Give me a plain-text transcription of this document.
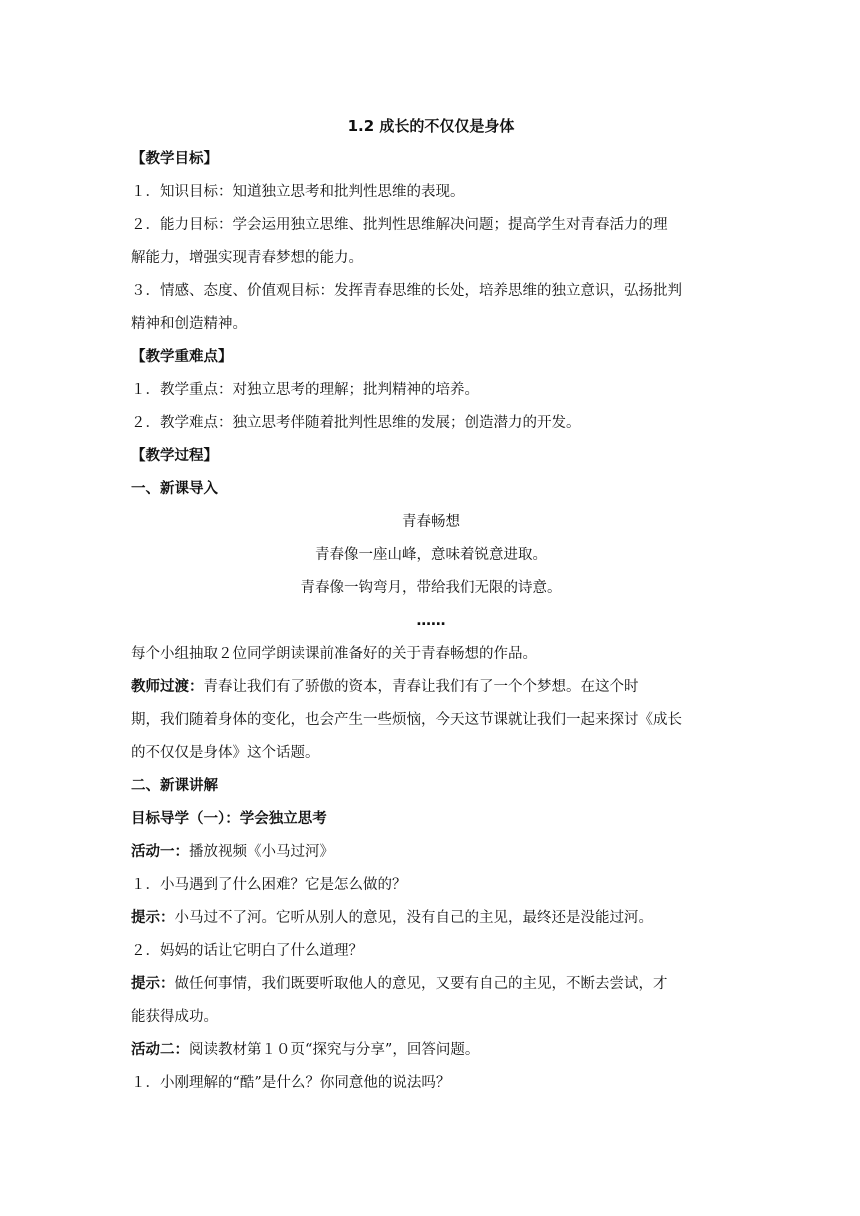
1.2 成长的不仅仅是身体
【教学目标】
１．知识目标：知道独立思考和批判性思维的表现。
２．能力目标：学会运用独立思维、批判性思维解决问题；提高学生对青春活力的理
解能力，增强实现青春梦想的能力。
３．情感、态度、价值观目标：发挥青春思维的长处，培养思维的独立意识，弘扬批判
精神和创造精神。
【教学重难点】
１．教学重点：对独立思考的理解；批判精神的培养。
２．教学难点：独立思考伴随着批判性思维的发展；创造潜力的开发。
【教学过程】
一、新课导入
青春畅想
青春像一座山峰，意味着锐意进取。
青春像一钩弯月，带给我们无限的诗意。
……
每个小组抽取２位同学朗读课前准备好的关于青春畅想的作品。
教师过渡：青春让我们有了骄傲的资本，青春让我们有了一个个梦想。在这个时
期，我们随着身体的变化，也会产生一些烦恼，今天这节课就让我们一起来探讨《成长
的不仅仅是身体》这个话题。
二、新课讲解
目标导学（一）：学会独立思考
活动一：播放视频《小马过河》
１．小马遇到了什么困难？它是怎么做的？
提示：小马过不了河。它听从别人的意见，没有自己的主见，最终还是没能过河。
２．妈妈的话让它明白了什么道理？
提示：做任何事情，我们既要听取他人的意见，又要有自己的主见，不断去尝试，才
能获得成功。
活动二：阅读教材第１０页“探究与分享”，回答问题。
１．小刚理解的“酷”是什么？你同意他的说法吗？
